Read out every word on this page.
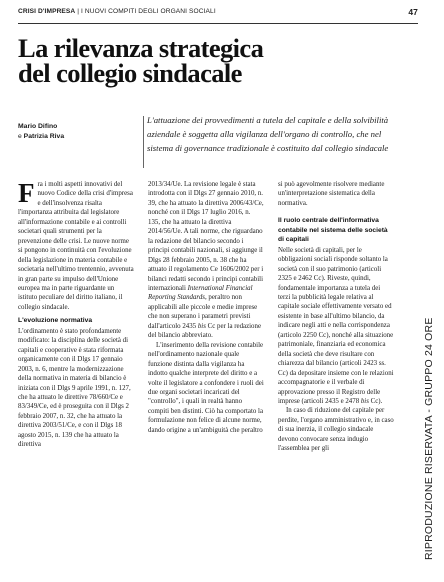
CRISI D'IMPRESA | I NUOVI COMPITI DEGLI ORGANI SOCIALI	47
La rilevanza strategica
del collegio sindacale
Mario Difino
e Patrizia Riva
L'attuazione dei provvedimenti a tutela del capitale e della solvibilità aziendale è soggetta alla vigilanza dell'organo di controllo, che nel sistema di governance tradizionale è costituito dal collegio sindacale

Fra i molti aspetti innovativi del nuovo Codice della crisi d'impresa e dell'insolvenza risalta l'importanza attribuita dal legislatore all'informazione contabile e ai controlli societari quali strumenti per la prevenzione delle crisi. Le nuove norme si pongono in continuità con l'evoluzione della legislazione in materia contabile e societaria nell'ultimo trentennio, avvenuta in gran parte su impulso dell'Unione europea ma in parte riguardante un istituto peculiare del diritto italiano, il collegio sindacale.

L'evoluzione normativa

L'ordinamento è stato profondamente modificato: la disciplina delle società di capitali e cooperative è stata riformata organicamente con il Dlgs 17 gennaio 2003, n. 6, mentre la modernizzazione della normativa in materia di bilancio è iniziata con il Dlgs 9 aprile 1991, n. 127, che ha attuato le direttive 78/660/Ce e 83/349/Ce, ed è proseguita con il Dlgs 2 febbraio 2007, n. 32, che ha attuato la direttiva 2003/51/Ce, e con il Dlgs 18 agosto 2015, n. 139 che ha attuato la direttiva

2013/34/Ue. La revisione legale è stata introdotta con il Dlgs 27 gennaio 2010, n. 39, che ha attuato la direttiva 2006/43/Ce, nonché con il Dlgs 17 luglio 2016, n. 135, che ha attuato la direttiva 2014/56/Ue. A tali norme, che riguardano la redazione del bilancio secondo i principi contabili nazionali, si aggiunge il Dlgs 28 febbraio 2005, n. 38 che ha attuato il regolamento Ce 1606/2002 per i bilanci redatti secondo i principi contabili internazionali International Financial Reporting Standards, peraltro non applicabili alle piccole e medie imprese che non superano i parametri previsti dall'articolo 2435 bis Cc per la redazione del bilancio abbreviato.

L'inserimento della revisione contabile nell'ordinamento nazionale quale funzione distinta dalla vigilanza ha indotto qualche interprete del diritto e a volte il legislatore a confondere i ruoli dei due organi societari incaricati del "controllo", i quali in realtà hanno compiti ben distinti. Ciò ha comportato la formulazione non felice di alcune norme, dando origine a un'ambiguità che peraltro

si può agevolmente risolvere mediante un'interpretazione sistematica della normativa.

Il ruolo centrale dell'informativa contabile nel sistema delle società di capitali

Nelle società di capitali, per le obbligazioni sociali risponde soltanto la società con il suo patrimonio (articoli 2325 e 2462 Cc). Riveste, quindi, fondamentale importanza a tutela dei terzi la pubblicità legale relativa al capitale sociale effettivamente versato ed esistente in base all'ultimo bilancio, da indicare negli atti e nella corrispondenza (articolo 2250 Cc), nonché alla situazione patrimoniale, finanziaria ed economica della società che deve risultare con chiarezza dal bilancio (articoli 2423 ss. Cc) da depositare insieme con le relazioni accompagnatorie e il verbale di approvazione presso il Registro delle imprese (articoli 2435 e 2478 bis Cc).

In caso di riduzione del capitale per perdite, l'organo amministrativo e, in caso di sua inerzia, il collegio sindacale devono convocare senza indugio l'assemblea per gli	RIPRODUZIONE RISERVATA - GRUPPO 24 ORE
